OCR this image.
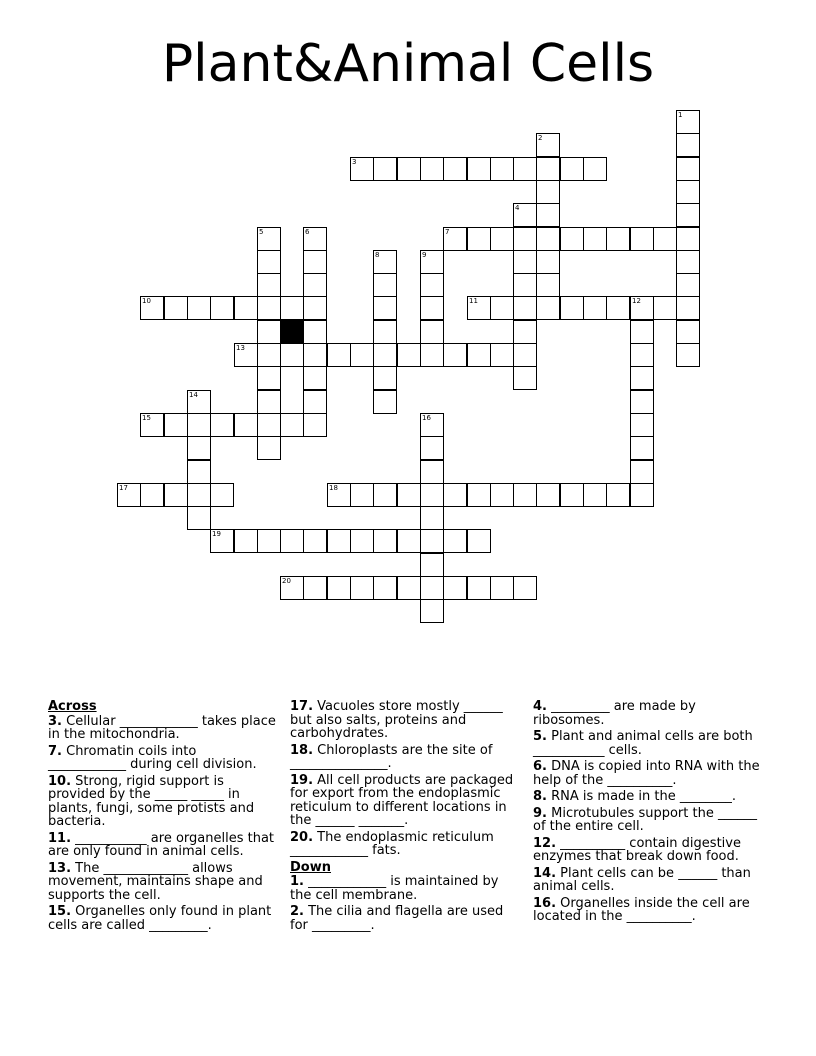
Plant&Animal Cells
1
2
3
4
5	6	7
8	9
10	11	12
13
14
15	16
17	18
19
20
Across
3. Cellular ____________ takes place in the mitochondria.
7. Chromatin coils into ____________ during cell division.
10. Strong, rigid support is provided by the _____ _____ in plants, fungi, some protists and bacteria.
11. ___________ are organelles that are only found in animal cells.
13. The _____________ allows movement, maintains shape and supports the cell.
15. Organelles only found in plant cells are called _________.
17. Vacuoles store mostly ______ but also salts, proteins and carbohydrates.
18. Chloroplasts are the site of _______________.
19. All cell products are packaged for export from the endoplasmic reticulum to different locations in the ______ _______.
20. The endoplasmic reticulum ____________ fats.
Down
1. ____________ is maintained by the cell membrane.
2. The cilia and flagella are used for _________.
4. _________ are made by ribosomes.
5. Plant and animal cells are both ___________ cells.
6. DNA is copied into RNA with the help of the __________.
8. RNA is made in the ________.
9. Microtubules support the ______ of the entire cell.
12. __________ contain digestive enzymes that break down food.
14. Plant cells can be ______ than animal cells.
16. Organelles inside the cell are located in the __________.
